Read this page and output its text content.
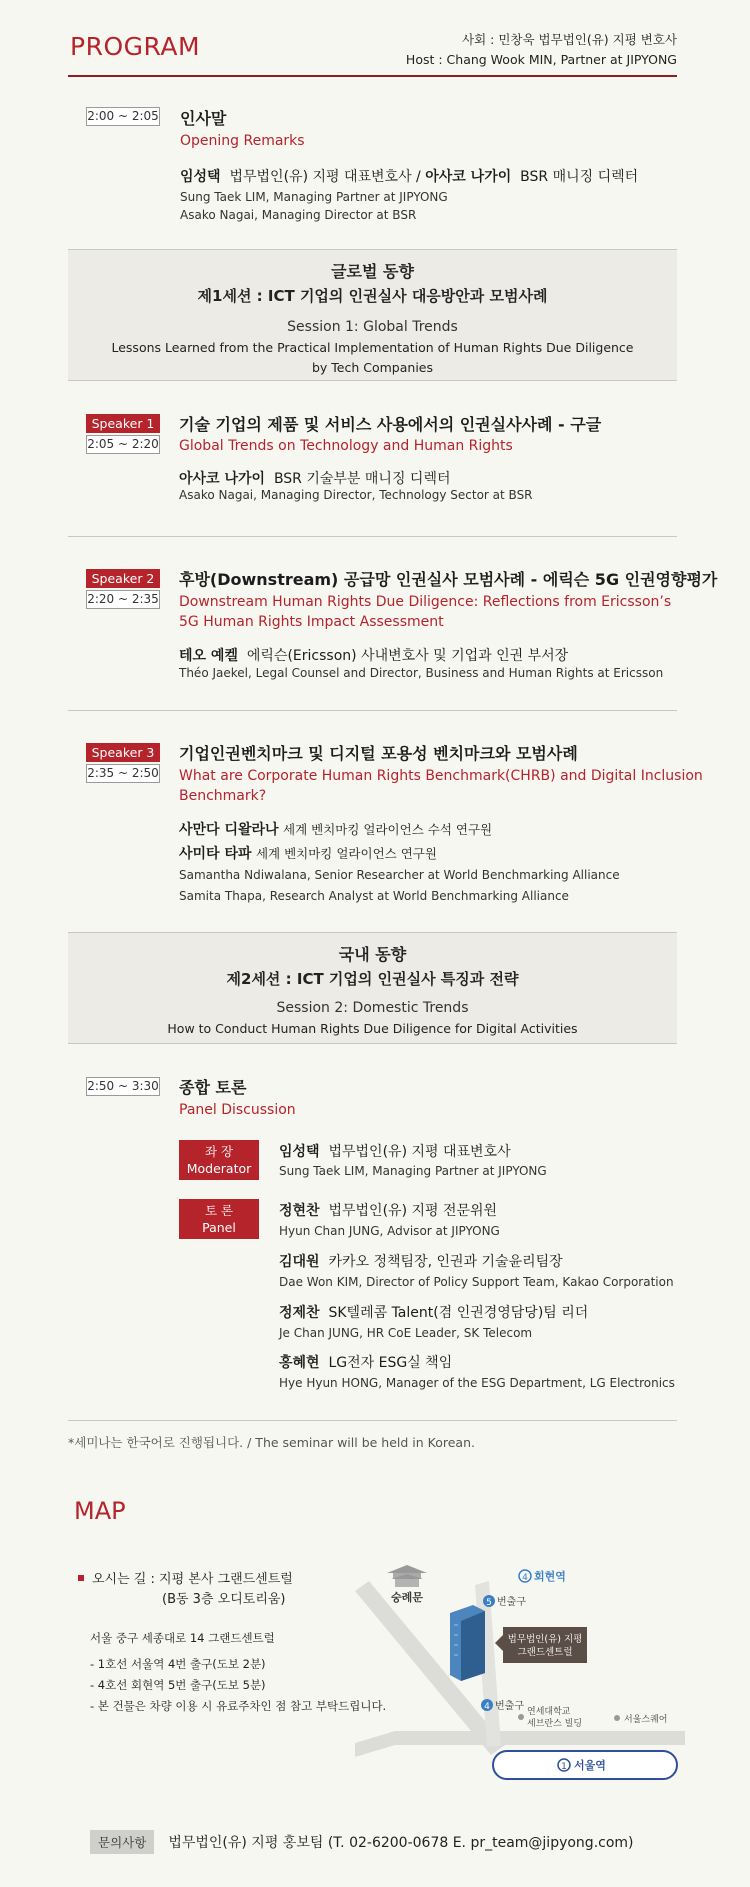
PROGRAM	사회 : 민창욱 법무법인(유) 지평 변호사
Host : Chang Wook MIN, Partner at JIPYONG
2:00 ~ 2:05 인사말
Opening Remarks
임성택 법무법인(유) 지평 대표변호사 / 아사코 나가이 BSR 매니징 디렉터
Sung Taek LIM, Managing Partner at JIPYONG
Asako Nagai, Managing Director at BSR
글로벌 동향
제1세션 : ICT 기업의 인권실사 대응방안과 모범사례
Session 1: Global Trends
Lessons Learned from the Practical Implementation of Human Rights Due Diligence
by Tech Companies
Speaker 1
2:05 ~ 2:20
기술 기업의 제품 및 서비스 사용에서의 인권실사사례 - 구글
Global Trends on Technology and Human Rights
아사코 나가이 BSR 기술부분 매니징 디렉터
Asako Nagai, Managing Director, Technology Sector at BSR
Speaker 2
2:20 ~ 2:35
후방(Downstream) 공급망 인권실사 모범사례 - 에릭슨 5G 인권영향평가
Downstream Human Rights Due Diligence: Reflections from Ericsson’s
5G Human Rights Impact Assessment
테오 예켈 에릭슨(Ericsson) 사내변호사 및 기업과 인권 부서장
Théo Jaekel, Legal Counsel and Director, Business and Human Rights at Ericsson
Speaker 3
2:35 ~ 2:50
기업인권벤치마크 및 디지털 포용성 벤치마크와 모범사례
What are Corporate Human Rights Benchmark(CHRB) and Digital Inclusion
Benchmark?
사만다 디왈라나 세계 벤치마킹 얼라이언스 수석 연구원
사미타 타파 세계 벤치마킹 얼라이언스 연구원
Samantha Ndiwalana, Senior Researcher at World Benchmarking Alliance
Samita Thapa, Research Analyst at World Benchmarking Alliance
국내 동향
제2세션 : ICT 기업의 인권실사 특징과 전략
Session 2: Domestic Trends
How to Conduct Human Rights Due Diligence for Digital Activities
2:50 ~ 3:30 종합 토론
Panel Discussion
좌 장
Moderator
임성택 법무법인(유) 지평 대표변호사
Sung Taek LIM, Managing Partner at JIPYONG
토 론
Panel
정현찬 법무법인(유) 지평 전문위원
Hyun Chan JUNG, Advisor at JIPYONG
김대원 카카오 정책팀장, 인권과 기술윤리팀장
Dae Won KIM, Director of Policy Support Team, Kakao Corporation
정제찬 SK텔레콤 Talent(겸 인권경영담당)팀 리더
Je Chan JUNG, HR CoE Leader, SK Telecom
홍혜현 LG전자 ESG실 책임
Hye Hyun HONG, Manager of the ESG Department, LG Electronics
*세미나는 한국어로 진행됩니다. / The seminar will be held in Korean.
MAP
오시는 길 : 지평 본사 그랜드센트럴
(B동 3층 오디토리움)
서울 중구 세종대로 14 그랜드센트럴
- 1호선 서울역 4번 출구(도보 2분)
- 4호선 회현역 5번 출구(도보 5분)
- 본 건물은 차량 이용 시 유료주차인 점 참고 부탁드립니다.
숭례문
4 회현역
5 번출구
법무법인(유) 지평
그랜드센트럴
4 번출구 연세대학교
세브란스 빌딩	서울스퀘어
1 서울역
문의사항 법무법인(유) 지평 홍보팀 (T. 02-6200-0678 E. pr_team@jipyong.com)
